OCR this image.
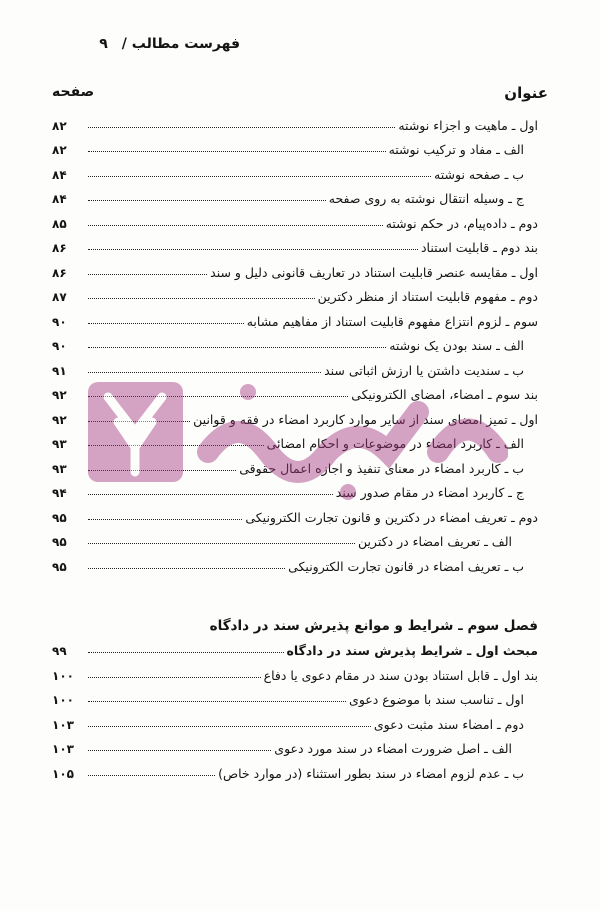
فهرست مطالب /
۹
عنوان
صفحه
اول ـ ماهیت و اجزاء نوشته
۸۲
الف ـ مفاد و ترکیب نوشته
۸۲
ب ـ صفحه نوشته
۸۴
ج ـ وسیله انتقال نوشته به روی صفحه
۸۴
دوم ـ داده‌پیام، در حکم نوشته
۸۵
بند دوم ـ قابلیت استناد
۸۶
اول ـ مقایسه عنصر قابلیت استناد در تعاریف قانونی دلیل و سند
۸۶
دوم ـ مفهوم قابلیت استناد از منظر دکترین
۸۷
سوم ـ لزوم انتزاع مفهوم قابلیت استناد از مفاهیم مشابه
۹۰
الف ـ سند بودن یک نوشته
۹۰
ب ـ سندیت داشتن یا ارزش اثباتی سند
۹۱
بند سوم ـ امضاء، امضای الکترونیکی
۹۲
اول ـ تمیز امضای سند از سایر موارد کاربرد امضاء در فقه و قوانین
۹۲
الف ـ کاربرد امضاء در موضوعات و احکام امضائی
۹۳
ب ـ کاربرد امضاء در معنای تنفیذ و اجازه اعمال حقوقی
۹۳
ج ـ کاربرد امضاء در مقام صدور سند
۹۴
دوم ـ تعریف امضاء در دکترین و قانون تجارت الکترونیکی
۹۵
الف ـ تعریف امضاء در دکترین
۹۵
ب ـ تعریف امضاء در قانون تجارت الکترونیکی
۹۵
فصل سوم ـ شرایط و موانع پذیرش سند در دادگاه
مبحث اول ـ شرایط پذیرش سند در دادگاه
۹۹
بند اول ـ قابل استناد بودن سند در مقام دعوی یا دفاع
۱۰۰
اول ـ تناسب سند با موضوع دعوی
۱۰۰
دوم ـ امضاء سند مثبت دعوی
۱۰۳
الف ـ اصل ضرورت امضاء در سند مورد دعوی
۱۰۳
ب ـ عدم لزوم امضاء در سند بطور استثناء (در موارد خاص)
۱۰۵
